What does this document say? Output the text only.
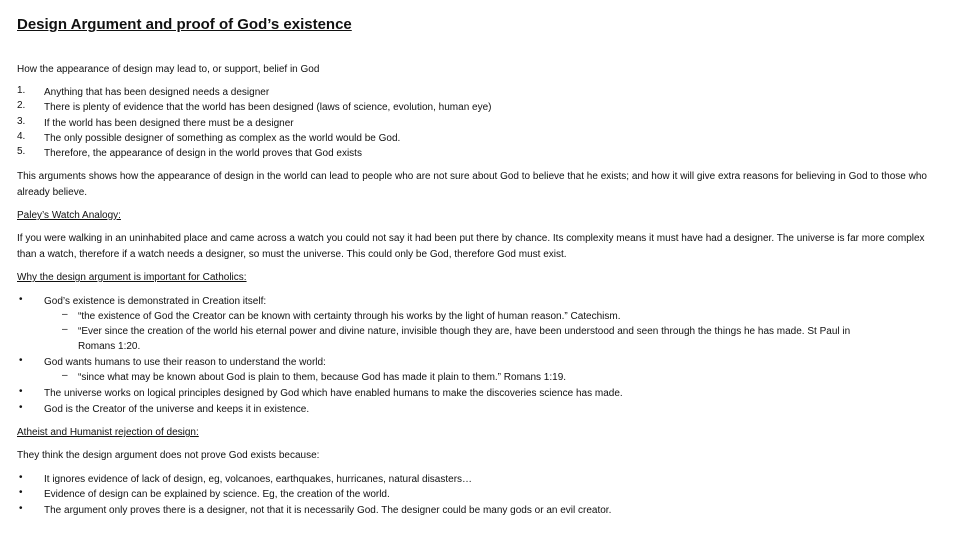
Design Argument and proof of God’s existence
How the appearance of design may lead to, or support, belief in God
1. Anything that has been designed needs a designer
2. There is plenty of evidence that the world has been designed (laws of science, evolution, human eye)
3. If the world has been designed there must be a designer
4. The only possible designer of something as complex as the world would be God.
5. Therefore, the appearance of design in the world proves that God exists
This arguments shows how the appearance of design in the world can lead to people who are not sure about God to believe that he exists; and how it will give extra reasons for believing in God to those who already believe.
Paley’s Watch Analogy:
If you were walking in an uninhabited place and came across a watch you could not say it had been put there by chance. Its complexity means it must have had a designer. The universe is far more complex than a watch, therefore if a watch needs a designer, so must the universe. This could only be God, therefore God must exist.
Why the design argument is important for Catholics:
• God’s existence is demonstrated in Creation itself:
– “the existence of God the Creator can be known with certainty through his works by the light of human reason.” Catechism.
– “Ever since the creation of the world his eternal power and divine nature, invisible though they are, have been understood and seen through the things he has made. St Paul in
Romans 1:20.
• God wants humans to use their reason to understand the world:
– “since what may be known about God is plain to them, because God has made it plain to them.” Romans 1:19.
• The universe works on logical principles designed by God which have enabled humans to make the discoveries science has made.
• God is the Creator of the universe and keeps it in existence.
Atheist and Humanist rejection of design:
They think the design argument does not prove God exists because:
• It ignores evidence of lack of design, eg, volcanoes, earthquakes, hurricanes, natural disasters…
• Evidence of design can be explained by science. Eg, the creation of the world.
• The argument only proves there is a designer, not that it is necessarily God. The designer could be many gods or an evil creator.
